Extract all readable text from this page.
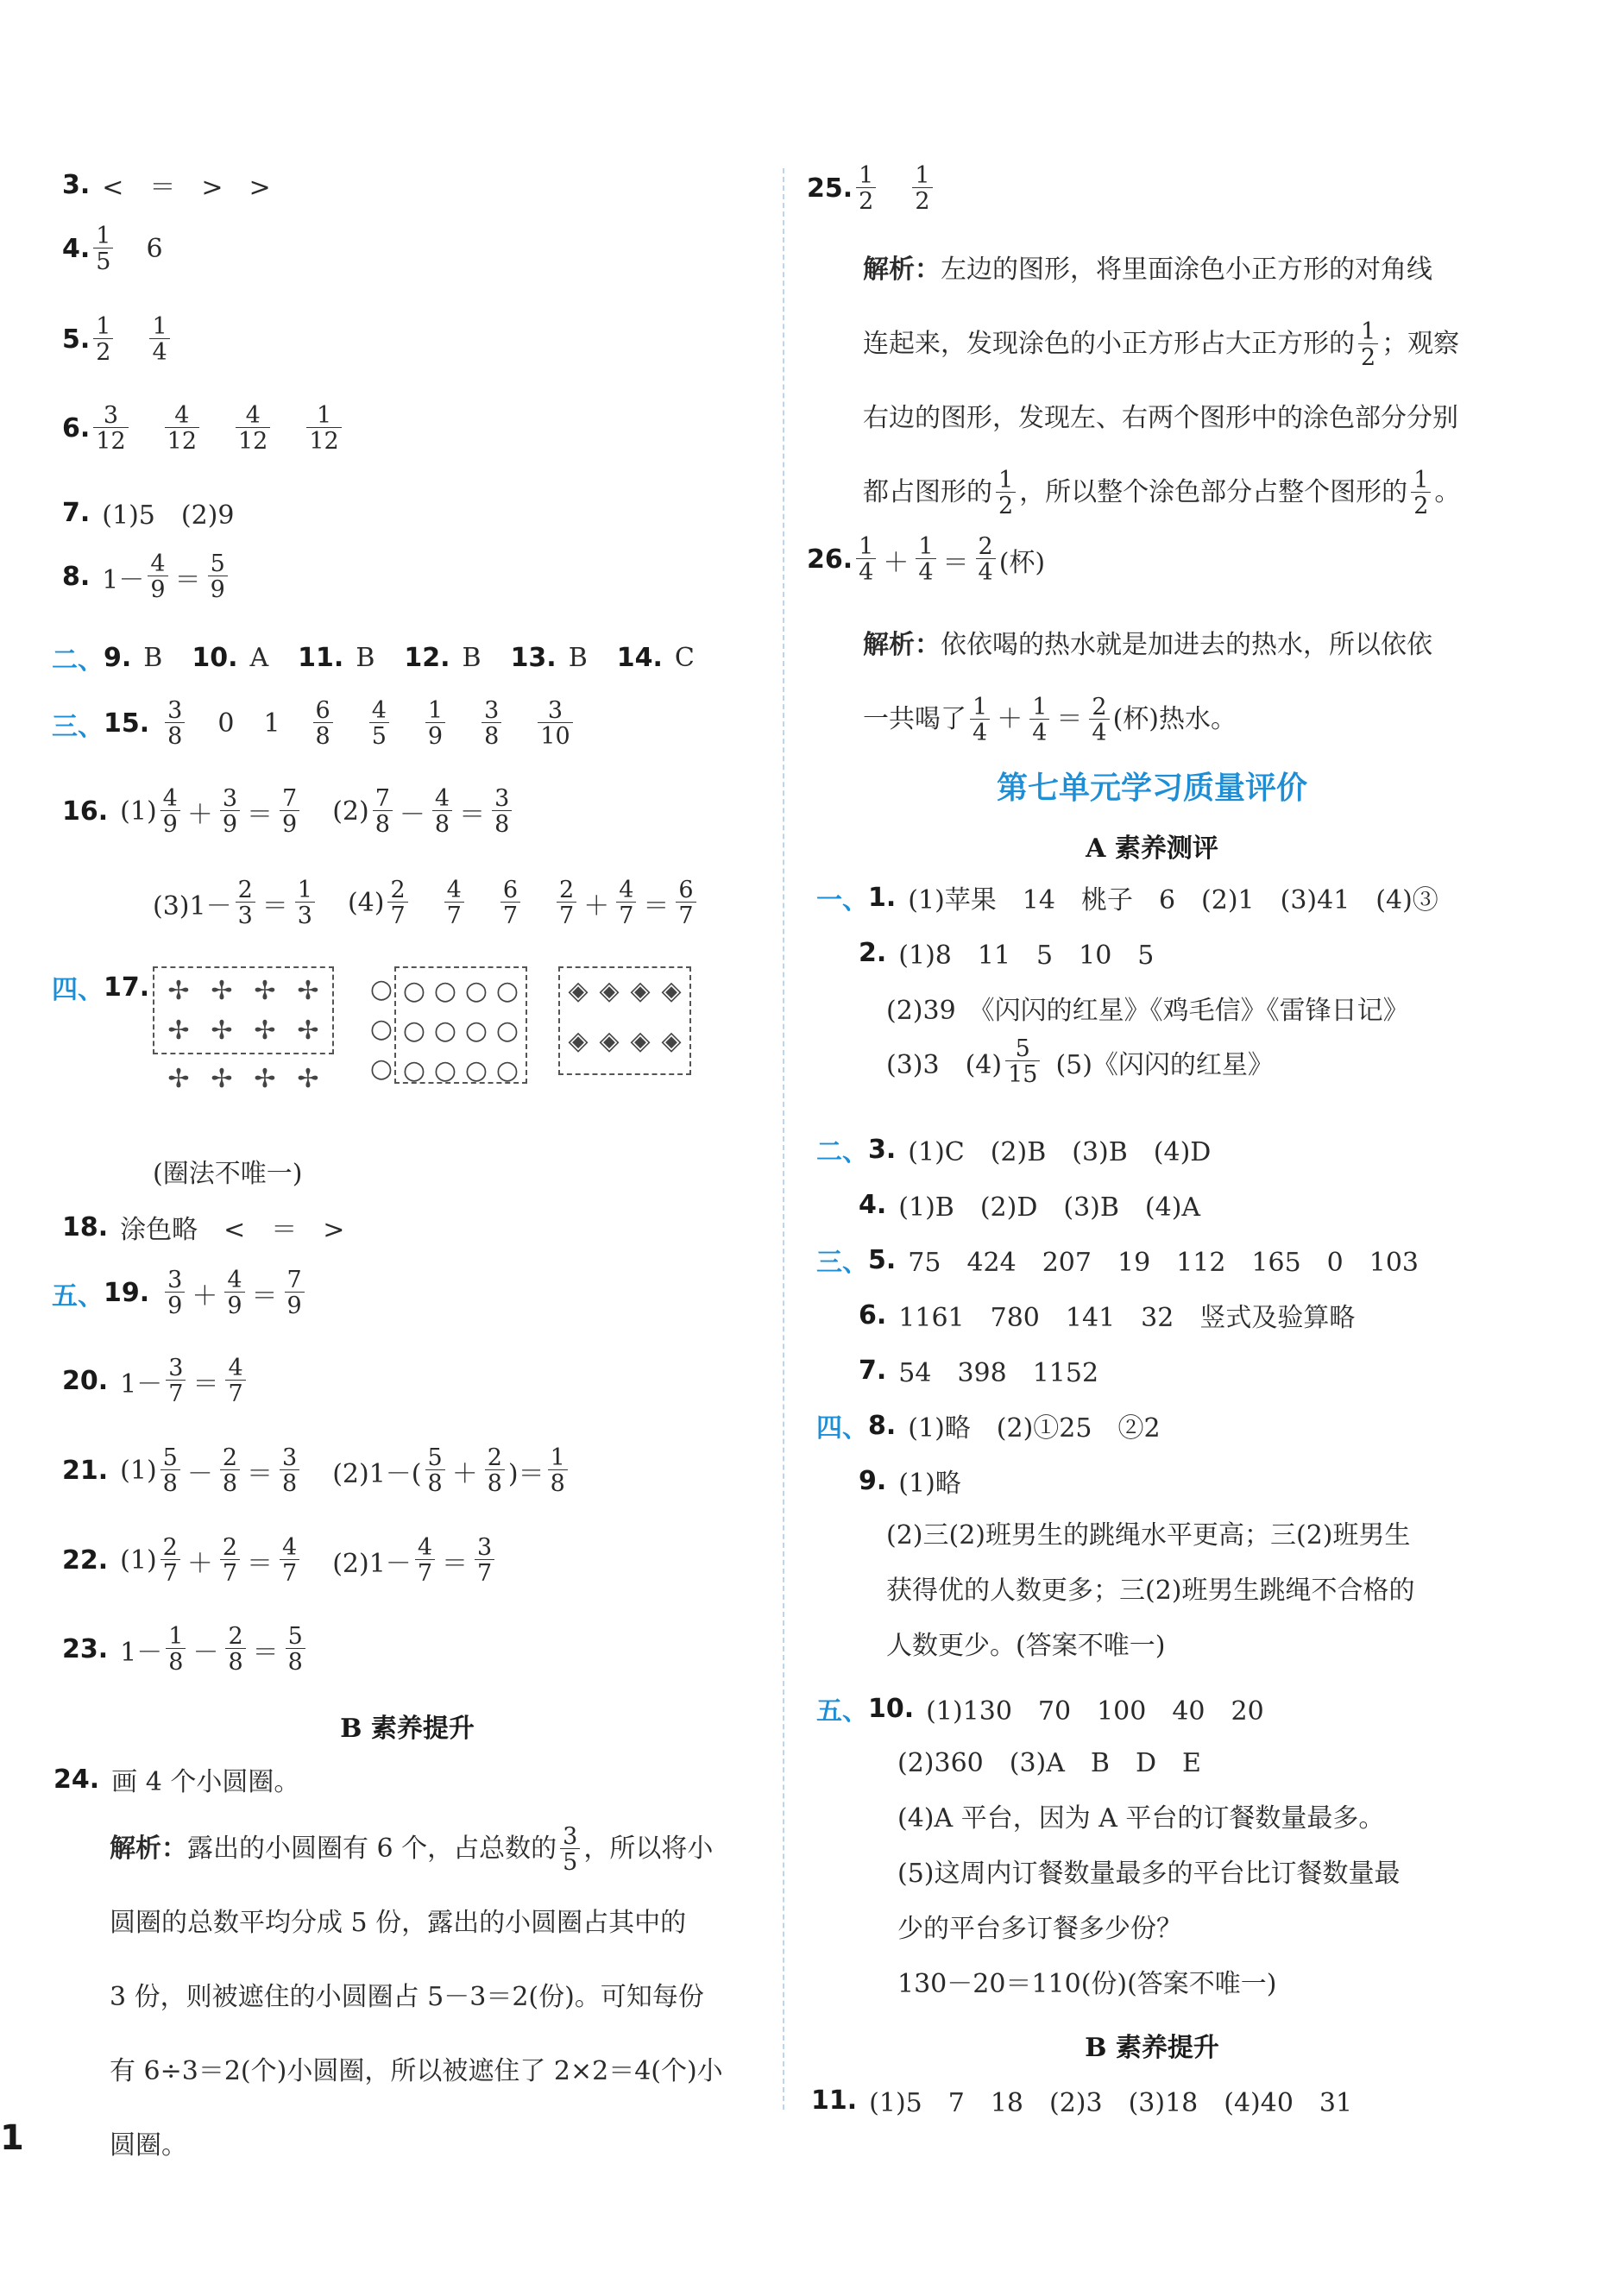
3. <　＝　>　>
4. $\frac{1}{5} 6$
5. $\frac{1}{2} \frac{1}{4}$
6. $\frac{3}{12} \frac{4}{12} \frac{4}{12} \frac{1}{12}$
7. (1)5　(2)9
8. $1- \frac{4}{9} = \frac{5}{9}$
二、 9. B 10. A 11. B 12. B 13. B 14. C
三、 15. $\frac{3}{8} 0$ $1 \frac{6}{8} \frac{4}{5} \frac{1}{9} \frac{3}{8} \frac{3}{10}$
16. $(1) \frac{4}{9} + \frac{3}{9} = \frac{7}{9} (2) \frac{7}{8} - \frac{4}{8} = \frac{3}{8}$
$(3)1- \frac{2}{3} = \frac{1}{3} (4) \frac{2}{7} \frac{4}{7} \frac{6}{7} \frac{2}{7} + \frac{4}{7} = \frac{6}{7}$
四、 17. ✢ ✢ ✢ ✢
✢ ✢ ✢ ✢
✢ ✢ ✢ ✢
○
○
○
○ ○ ○ ○
○ ○ ○ ○
○ ○ ○ ○
◈ ◈ ◈ ◈
◈ ◈ ◈ ◈
(圈法不唯一)
18. 涂色略　<　＝　>
五、 19. $\frac{3}{9} + \frac{4}{9} = \frac{7}{9}$
20. $1- \frac{3}{7} = \frac{4}{7}$
21. $(1) \frac{5}{8} - \frac{2}{8} = \frac{3}{8} (2)1-( \frac{5}{8} + \frac{2}{8}$ )＝ $\frac{1}{8}$
22. $(1) \frac{2}{7} + \frac{2}{7} = \frac{4}{7} (2)1- \frac{4}{7} = \frac{3}{7}$
23. $1- \frac{1}{8} - \frac{2}{8} = \frac{5}{8}$
B 素养提升
24. 画 4 个小圆圈。
解析： 露出的小圆圈有 6 个，占总数的 $\frac{3}{5}$ ，所以将小
圆圈的总数平均分成 5 份，露出的小圆圈占其中的
3 份，则被遮住的小圆圈占 5－3＝2(份)。可知每份
有 6÷3＝2(个)小圆圈，所以被遮住了 2×2＝4(个)小
圆圈。
25. $\frac{1}{2} \frac{1}{2}$
解析：左边的图形，将里面涂色小正方形的对角线
连起来，发现涂色的小正方形占大正方形的 $\frac{1}{2}$ ；观察
右边的图形，发现左、右两个图形中的涂色部分分别
都占图形的 $\frac{1}{2}$ ，所以整个涂色部分占整个图形的 $\frac{1}{2}$ 。
26. $\frac{1}{4} + \frac{1}{4} = \frac{2}{4}$ (杯)
解析：依依喝的热水就是加进去的热水，所以依依
一共喝了 $\frac{1}{4} + \frac{1}{4} = \frac{2}{4}$ (杯)热水。
第七单元学习质量评价
A 素养测评
一、 1. (1)苹果　14　桃子　6　(2)1　(3)41　(4)③
2. (1)8　11　5　10　5
(2)39　《闪闪的红星》《鸡毛信》《雷锋日记》
(3)3　$(4) \frac{5}{15} (5)$《闪闪的红星》
二、 3. (1)C　(2)B　(3)B　(4)D
4. (1)B　(2)D　(3)B　(4)A
三、 5. 75　424　207　19　112　165　0　103
6. 1161　780　141　32　竖式及验算略
7. 54　398　1152
四、 8. (1)略　(2)①25　②2
9. (1)略
(2)三(2)班男生的跳绳水平更高；三(2)班男生
获得优的人数更多；三(2)班男生跳绳不合格的
人数更少。(答案不唯一)
五、 10. (1)130　70　100　40　20
(2)360　(3)A　B　D　E
(4)A 平台，因为 A 平台的订餐数量最多。
(5)这周内订餐数量最多的平台比订餐数量最
少的平台多订餐多少份？
130－20＝110(份)(答案不唯一)
B 素养提升
11. (1)5　7　18　(2)3　(3)18　(4)40　31
1
